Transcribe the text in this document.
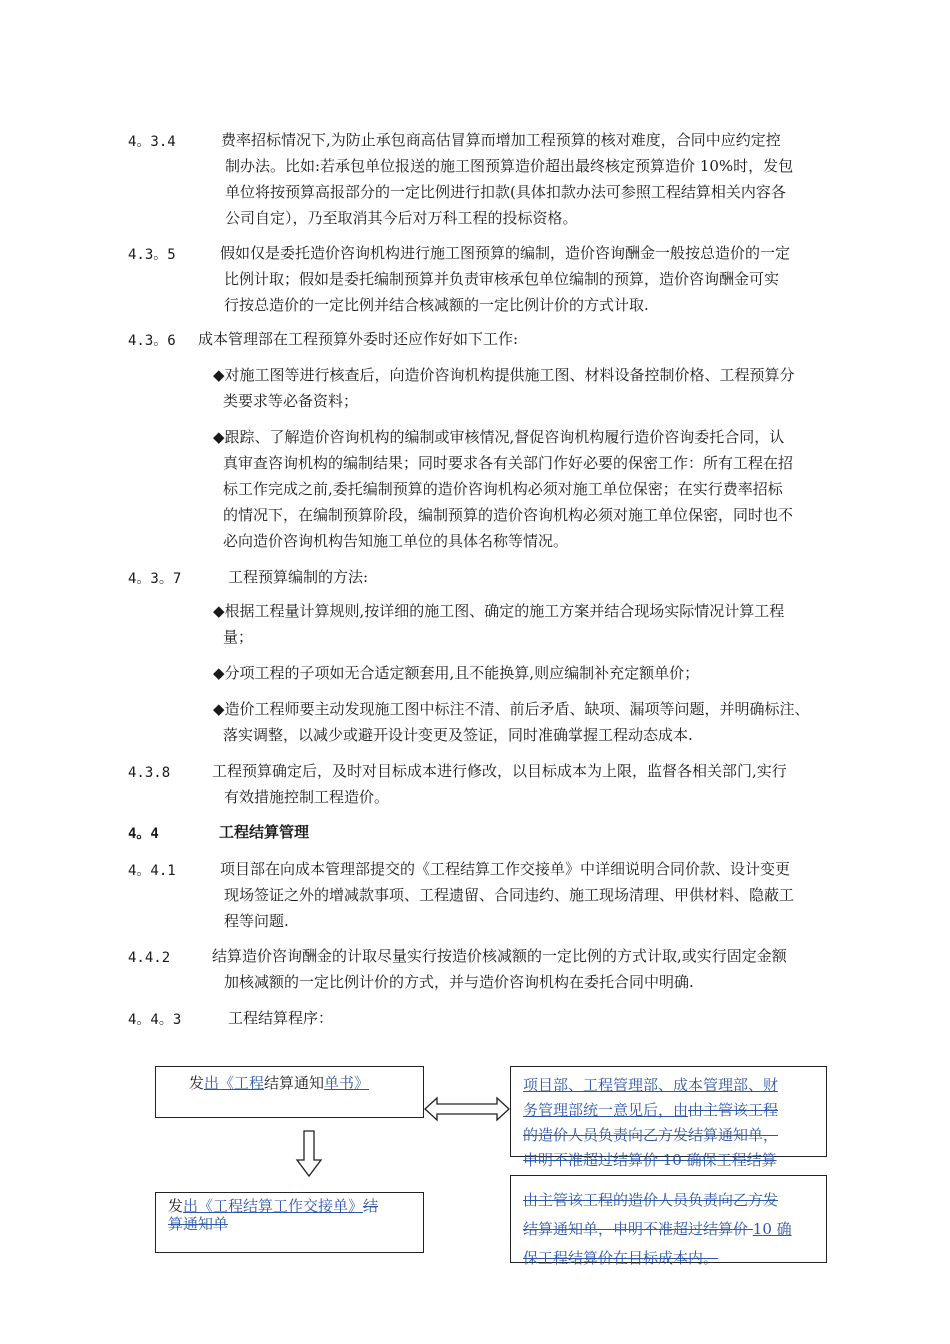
4。3.4	费率招标情况下,为防止承包商高估冒算而增加工程预算的核对难度，合同中应约定控
制办法。比如:若承包单位报送的施工图预算造价超出最终核定预算造价 10%时，发包
单位将按预算高报部分的一定比例进行扣款(具体扣款办法可参照工程结算相关内容各
公司自定），乃至取消其今后对万科工程的投标资格。
4.3。5	假如仅是委托造价咨询机构进行施工图预算的编制，造价咨询酬金一般按总造价的一定
比例计取；假如是委托编制预算并负责审核承包单位编制的预算，造价咨询酬金可实
行按总造价的一定比例并结合核减额的一定比例计价的方式计取.
4.3。6 成本管理部在工程预算外委时还应作好如下工作:
◆对施工图等进行核查后，向造价咨询机构提供施工图、材料设备控制价格、工程预算分
类要求等必备资料；
◆跟踪、了解造价咨询机构的编制或审核情况,督促咨询机构履行造价咨询委托合同，认
真审查咨询机构的编制结果；同时要求各有关部门作好必要的保密工作：所有工程在招
标工作完成之前,委托编制预算的造价咨询机构必须对施工单位保密；在实行费率招标
的情况下，在编制预算阶段，编制预算的造价咨询机构必须对施工单位保密，同时也不
必向造价咨询机构告知施工单位的具体名称等情况。
4。3。7	工程预算编制的方法:
◆根据工程量计算规则,按详细的施工图、确定的施工方案并结合现场实际情况计算工程
量；
◆分项工程的子项如无合适定额套用,且不能换算,则应编制补充定额单价；
◆造价工程师要主动发现施工图中标注不清、前后矛盾、缺项、漏项等问题，并明确标注、
落实调整，以减少或避开设计变更及签证，同时准确掌握工程动态成本.
4.3.8	工程预算确定后，及时对目标成本进行修改，以目标成本为上限，监督各相关部门,实行
有效措施控制工程造价。
4。4	工程结算管理
4。4.1	项目部在向成本管理部提交的《工程结算工作交接单》中详细说明合同价款、设计变更
现场签证之外的增减款事项、工程遗留、合同违约、施工现场清理、甲供材料、隐蔽工
程等问题.
4.4.2	结算造价咨询酬金的计取尽量实行按造价核减额的一定比例的方式计取,或实行固定金额
加核减额的一定比例计价的方式，并与造价咨询机构在委托合同中明确.
4。4。3	工程结算程序：
发出《工程结算通知单书》	项目部、工程管理部、成本管理部、财
务管理部统一意见后，由由主管该工程
的造价人员负责向乙方发结算通知单，
申明不准超过结算价 10 确保工程结算
发出《工程结算工作交接单》结
算通知单
由主管该工程的造价人员负责向乙方发
结算通知单，申明不准超过结算价 10 确
保工程结算价在目标成本内。
